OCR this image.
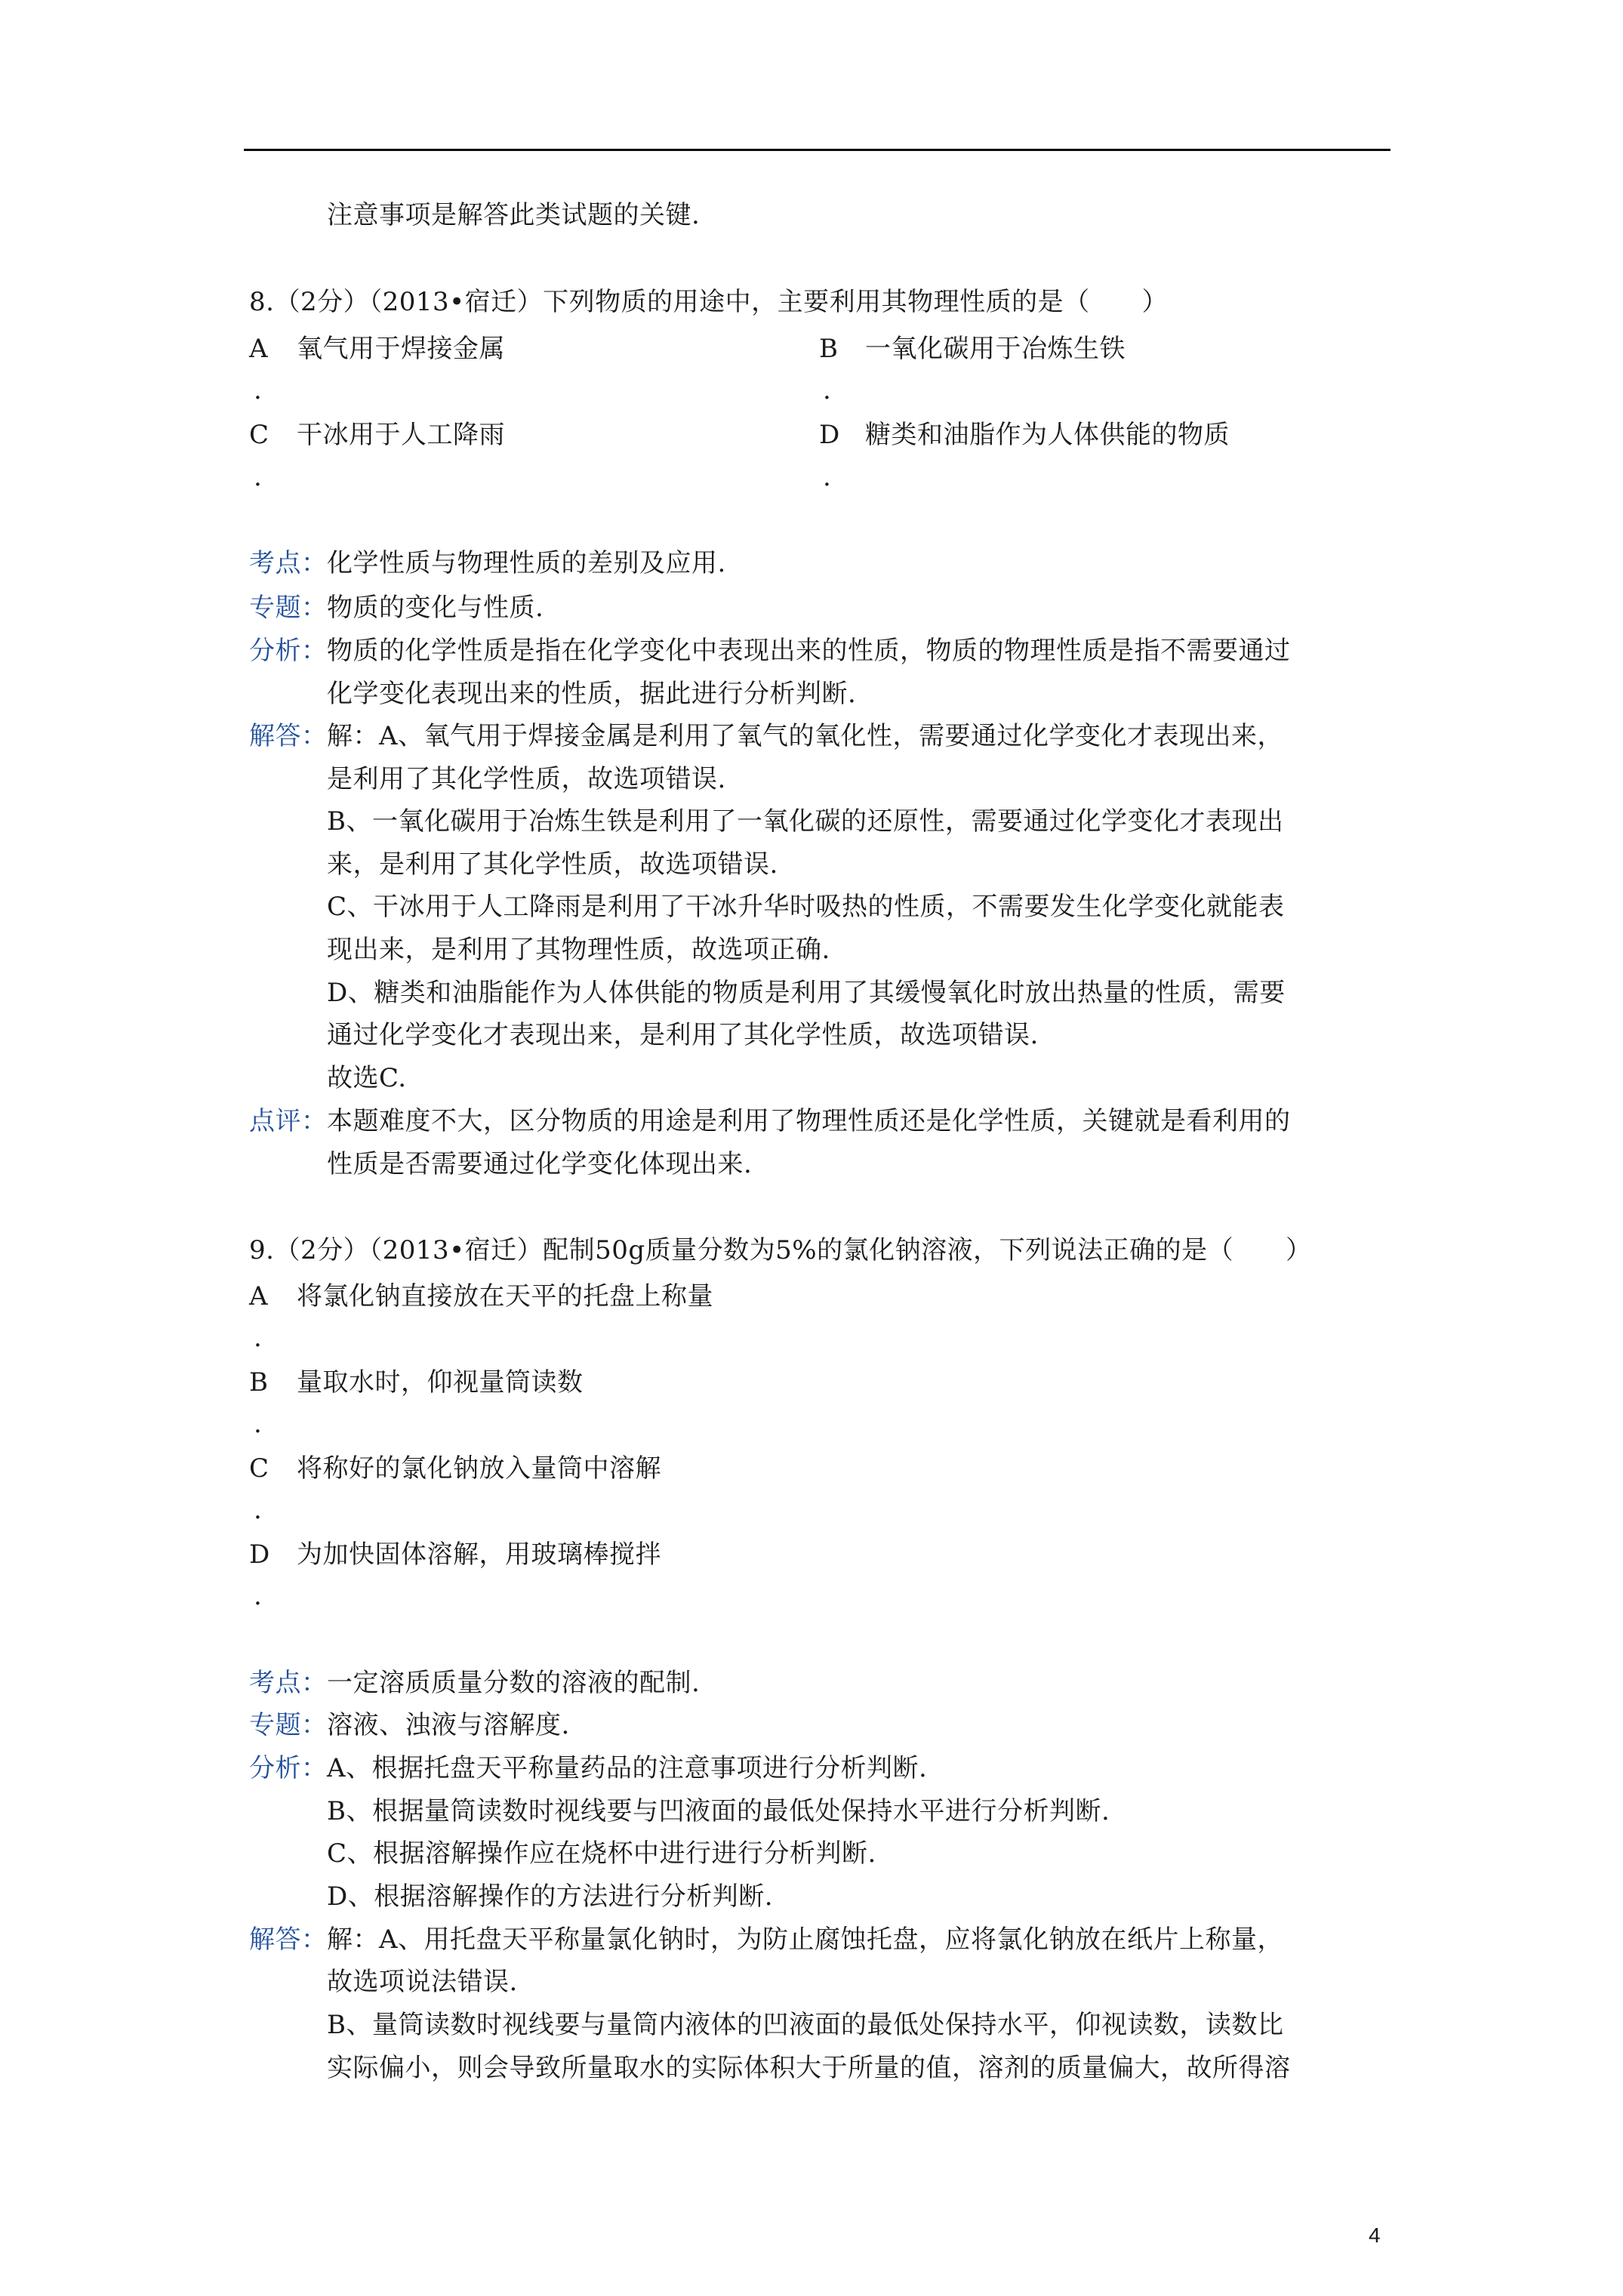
注意事项是解答此类试题的关键.
8.（2分）（2013•宿迁）下列物质的用途中，主要利用其物理性质的是（　　）
A 氧气用于焊接金属
.
B 一氧化碳用于冶炼生铁
.
C 干冰用于人工降雨
.
D 糖类和油脂作为人体供能的物质
.
考点： 化学性质与物理性质的差别及应用.
专题： 物质的变化与性质.
分析： 物质的化学性质是指在化学变化中表现出来的性质，物质的物理性质是指不需要通过
化学变化表现出来的性质，据此进行分析判断.
解答： 解：A、氧气用于焊接金属是利用了氧气的氧化性，需要通过化学变化才表现出来，
是利用了其化学性质，故选项错误.
B、一氧化碳用于冶炼生铁是利用了一氧化碳的还原性，需要通过化学变化才表现出
来，是利用了其化学性质，故选项错误.
C、干冰用于人工降雨是利用了干冰升华时吸热的性质，不需要发生化学变化就能表
现出来，是利用了其物理性质，故选项正确.
D、糖类和油脂能作为人体供能的物质是利用了其缓慢氧化时放出热量的性质，需要
通过化学变化才表现出来，是利用了其化学性质，故选项错误.
故选C.
点评： 本题难度不大，区分物质的用途是利用了物理性质还是化学性质，关键就是看利用的
性质是否需要通过化学变化体现出来.
9.（2分）（2013•宿迁）配制50g质量分数为5%的氯化钠溶液，下列说法正确的是（　　）
A 将氯化钠直接放在天平的托盘上称量
.
B 量取水时，仰视量筒读数
.
C 将称好的氯化钠放入量筒中溶解
.
D 为加快固体溶解，用玻璃棒搅拌
.
考点： 一定溶质质量分数的溶液的配制.
专题： 溶液、浊液与溶解度.
分析： A、根据托盘天平称量药品的注意事项进行分析判断.
B、根据量筒读数时视线要与凹液面的最低处保持水平进行分析判断.
C、根据溶解操作应在烧杯中进行进行分析判断.
D、根据溶解操作的方法进行分析判断.
解答： 解：A、用托盘天平称量氯化钠时，为防止腐蚀托盘，应将氯化钠放在纸片上称量，
故选项说法错误.
B、量筒读数时视线要与量筒内液体的凹液面的最低处保持水平，仰视读数，读数比
实际偏小，则会导致所量取水的实际体积大于所量的值，溶剂的质量偏大，故所得溶
4
